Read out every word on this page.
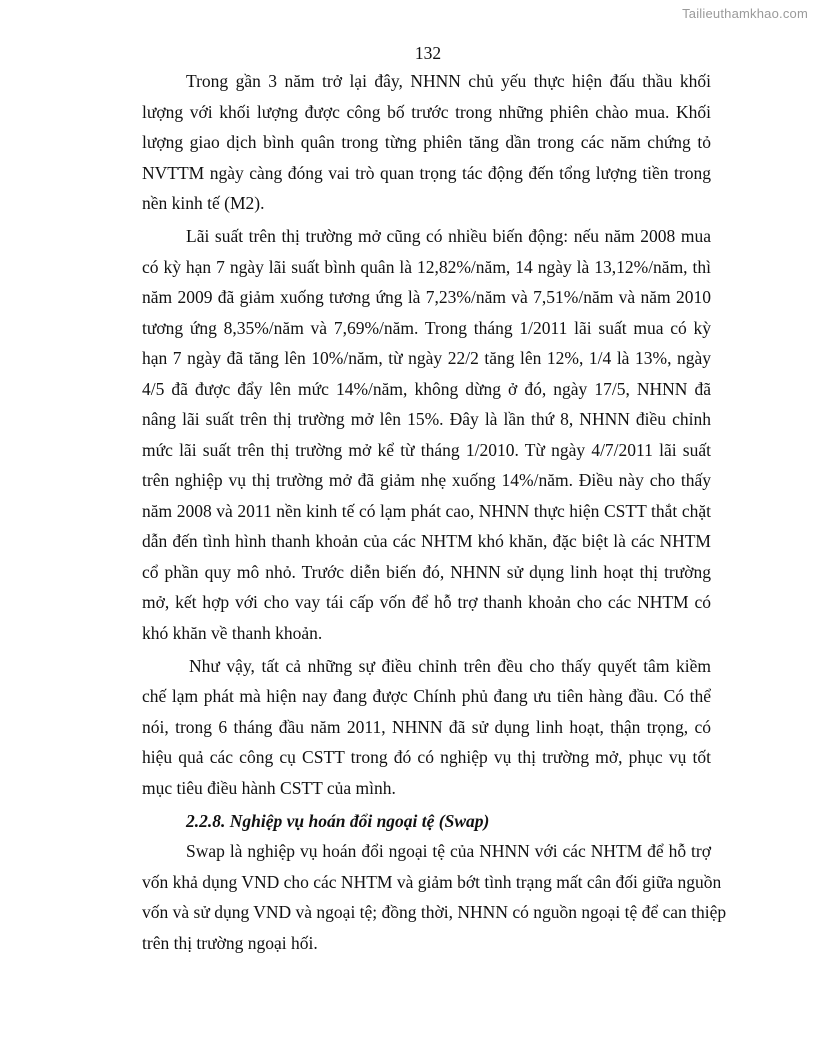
Tailieuthamkhao.com
132
Trong gần 3 năm trở lại đây, NHNN chủ yếu thực hiện đấu thầu khối
lượng với khối lượng được công bố trước trong những phiên chào mua. Khối
lượng giao dịch bình quân trong từng phiên tăng dần trong các năm chứng tỏ
NVTTM ngày càng đóng vai trò quan trọng tác động đến tổng lượng tiền trong
nền kinh tế (M2).
Lãi suất trên thị trường mở cũng có nhiều biến động: nếu năm 2008 mua
có kỳ hạn 7 ngày lãi suất bình quân là 12,82%/năm, 14 ngày là 13,12%/năm, thì
năm 2009 đã giảm xuống tương ứng là 7,23%/năm và 7,51%/năm và năm 2010
tương ứng 8,35%/năm và 7,69%/năm. Trong tháng 1/2011 lãi suất mua có kỳ
hạn 7 ngày đã tăng lên 10%/năm, từ ngày 22/2 tăng lên 12%, 1/4 là 13%, ngày
4/5 đã được đẩy lên mức 14%/năm, không dừng ở đó, ngày 17/5, NHNN đã
nâng lãi suất trên thị trường mở lên 15%. Đây là lần thứ 8, NHNN điều chỉnh
mức lãi suất trên thị trường mở kể từ tháng 1/2010. Từ ngày 4/7/2011 lãi suất
trên nghiệp vụ thị trường mở đã giảm nhẹ xuống 14%/năm. Điều này cho thấy
năm 2008 và 2011 nền kinh tế có lạm phát cao, NHNN thực hiện CSTT thắt chặt
dẫn đến tình hình thanh khoản của các NHTM khó khăn, đặc biệt là các NHTM
cổ phần quy mô nhỏ. Trước diễn biến đó, NHNN sử dụng linh hoạt thị trường
mở, kết hợp với cho vay tái cấp vốn để hỗ trợ thanh khoản cho các NHTM có
khó khăn về thanh khoản.
Như vậy, tất cả những sự điều chỉnh trên đều cho thấy quyết tâm kiềm
chế lạm phát mà hiện nay đang được Chính phủ đang ưu tiên hàng đầu. Có thể
nói, trong 6 tháng đầu năm 2011, NHNN đã sử dụng linh hoạt, thận trọng, có
hiệu quả các công cụ CSTT trong đó có nghiệp vụ thị trường mở, phục vụ tốt
mục tiêu điều hành CSTT của mình.
2.2.8. Nghiệp vụ hoán đổi ngoại tệ (Swap)
Swap là nghiệp vụ hoán đổi ngoại tệ của NHNN với các NHTM để hỗ trợ
vốn khả dụng VND cho các NHTM và giảm bớt tình trạng mất cân đối giữa nguồn
vốn và sử dụng VND và ngoại tệ; đồng thời, NHNN có nguồn ngoại tệ để can thiệp
trên thị trường ngoại hối.
